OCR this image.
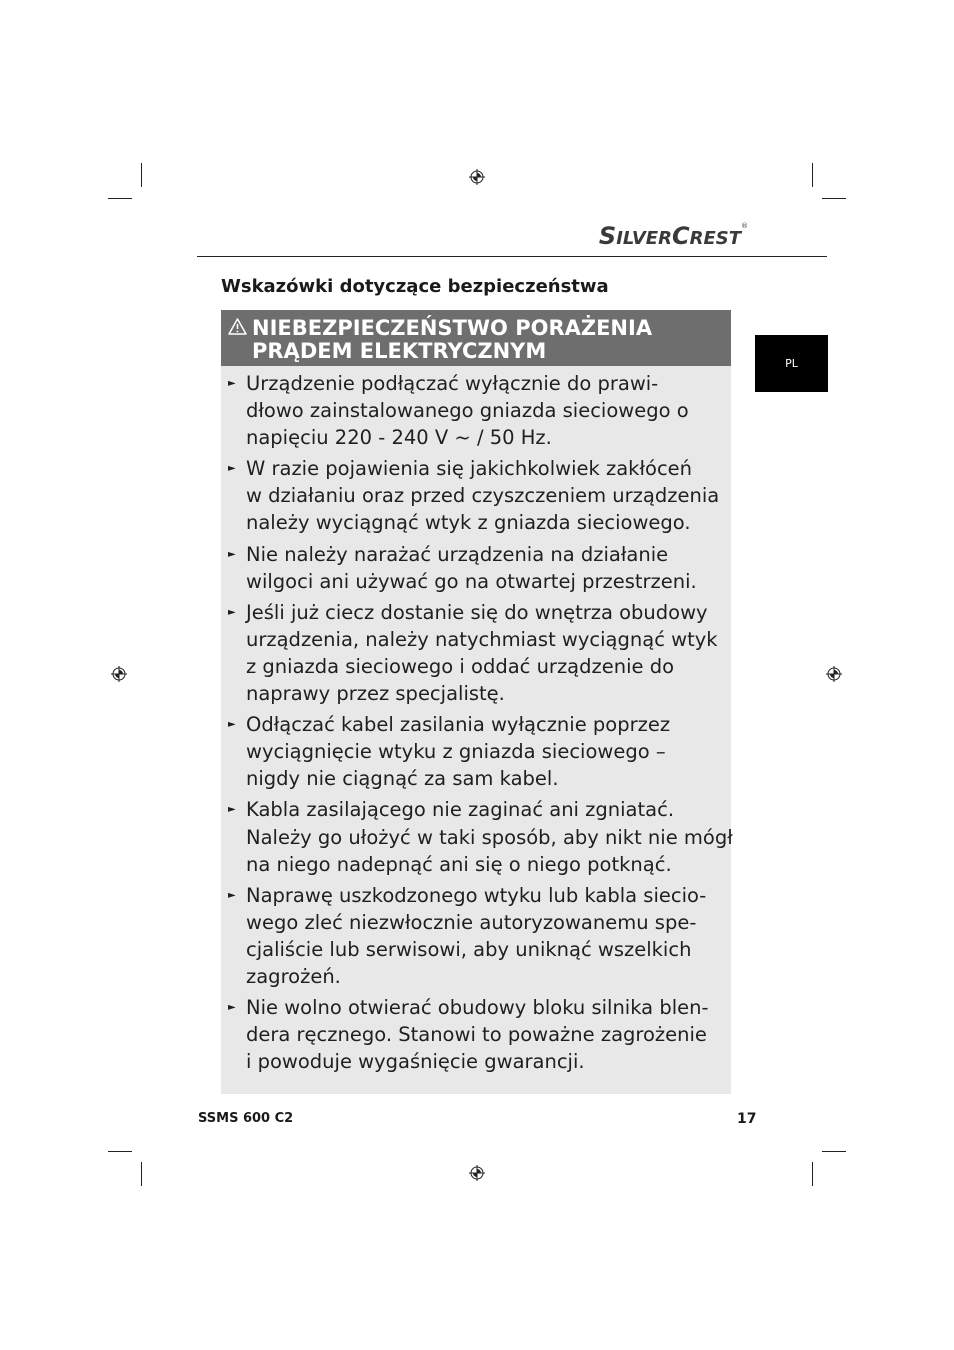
SILVERCREST®
Wskazówki dotyczące bezpieczeństwa
PL
NIEBEZPIECZEŃSTWO PORAŻENIA
PRĄDEM ELEKTRYCZNYM
► Urządzenie podłączać wyłącznie do prawi-
dłowo zainstalowanego gniazda sieciowego o
napięciu 220 - 240 V ~ / 50 Hz.
► W razie pojawienia się jakichkolwiek zakłóceń
w działaniu oraz przed czyszczeniem urządzenia
należy wyciągnąć wtyk z gniazda sieciowego.
► Nie należy narażać urządzenia na działanie
wilgoci ani używać go na otwartej przestrzeni.
► Jeśli już ciecz dostanie się do wnętrza obudowy
urządzenia, należy natychmiast wyciągnąć wtyk
z gniazda sieciowego i oddać urządzenie do
naprawy przez specjalistę.
► Odłączać kabel zasilania wyłącznie poprzez
wyciągnięcie wtyku z gniazda sieciowego –
nigdy nie ciągnąć za sam kabel.
► Kabla zasilającego nie zaginać ani zgniatać.
Należy go ułożyć w taki sposób, aby nikt nie mógł
na niego nadepnąć ani się o niego potknąć.
► Naprawę uszkodzonego wtyku lub kabla siecio-
wego zleć niezwłocznie autoryzowanemu spe-
cjaliście lub serwisowi, aby uniknąć wszelkich
zagrożeń.
► Nie wolno otwierać obudowy bloku silnika blen-
dera ręcznego. Stanowi to poważne zagrożenie
i powoduje wygaśnięcie gwarancji.
SSMS 600 C2	17
